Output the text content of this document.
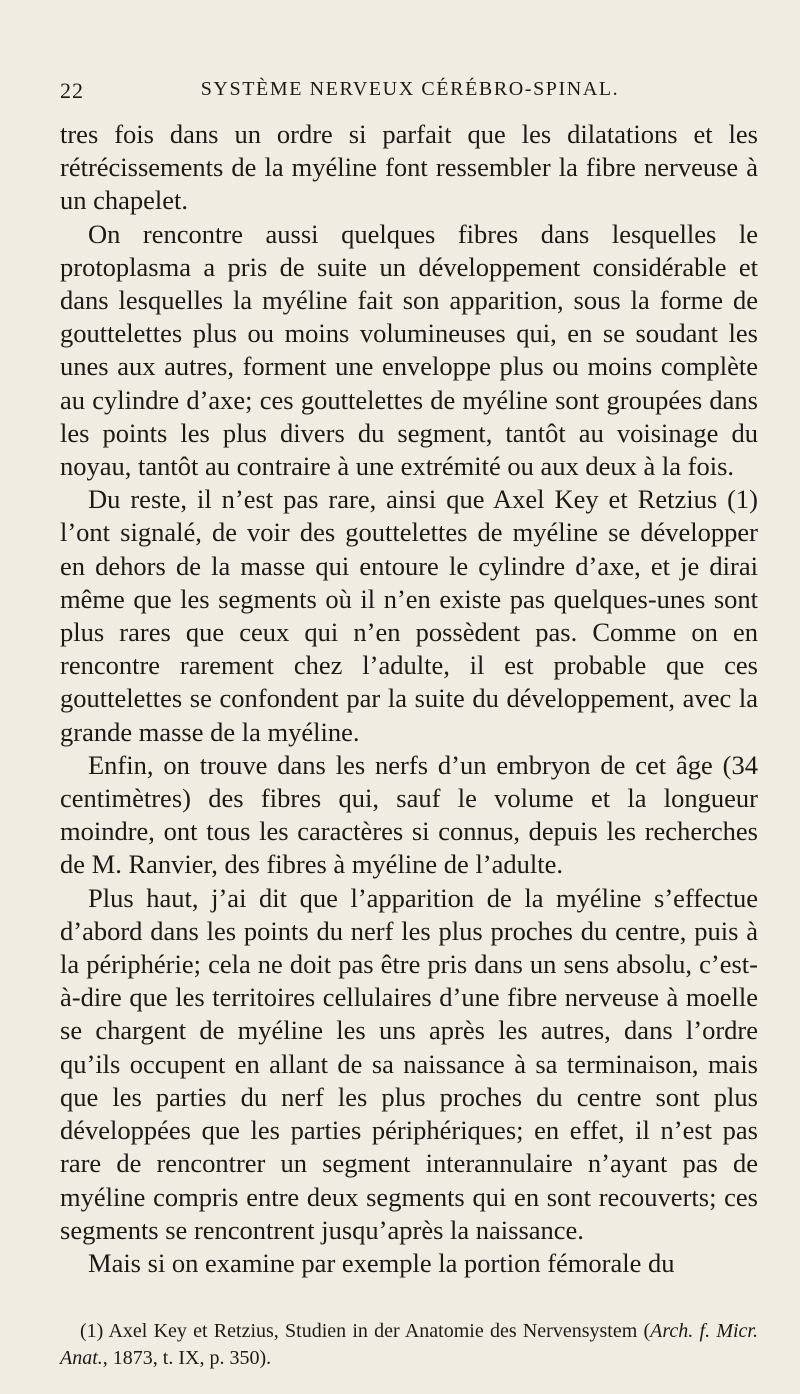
22	SYSTÈME NERVEUX CÉRÉBRO-SPINAL.

tres fois dans un ordre si parfait que les dilatations et les rétrécissements de la myéline font ressembler la fibre nerveuse à un chapelet.

On rencontre aussi quelques fibres dans lesquelles le protoplasma a pris de suite un développement considérable et dans lesquelles la myéline fait son apparition, sous la forme de gouttelettes plus ou moins volumineuses qui, en se soudant les unes aux autres, forment une enveloppe plus ou moins complète au cylindre d’axe; ces gouttelettes de myéline sont groupées dans les points les plus divers du segment, tantôt au voisinage du noyau, tantôt au contraire à une extrémité ou aux deux à la fois.

Du reste, il n’est pas rare, ainsi que Axel Key et Retzius (1) l’ont signalé, de voir des gouttelettes de myéline se développer en dehors de la masse qui entoure le cylindre d’axe, et je dirai même que les segments où il n’en existe pas quelques-unes sont plus rares que ceux qui n’en possèdent pas. Comme on en rencontre rarement chez l’adulte, il est probable que ces gouttelettes se confondent par la suite du développement, avec la grande masse de la myéline.

Enfin, on trouve dans les nerfs d’un embryon de cet âge (34 centimètres) des fibres qui, sauf le volume et la longueur moindre, ont tous les caractères si connus, depuis les recherches de M. Ranvier, des fibres à myéline de l’adulte.

Plus haut, j’ai dit que l’apparition de la myéline s’effectue d’abord dans les points du nerf les plus proches du centre, puis à la périphérie; cela ne doit pas être pris dans un sens absolu, c’est-à-dire que les territoires cellulaires d’une fibre nerveuse à moelle se chargent de myéline les uns après les autres, dans l’ordre qu’ils occupent en allant de sa naissance à sa terminaison, mais que les parties du nerf les plus proches du centre sont plus développées que les parties périphériques; en effet, il n’est pas rare de rencontrer un segment interannulaire n’ayant pas de myéline compris entre deux segments qui en sont recouverts; ces segments se rencontrent jusqu’après la naissance.

Mais si on examine par exemple la portion fémorale du

(1) Axel Key et Retzius, Studien in der Anatomie des Nervensystem (Arch. f. Micr. Anat., 1873, t. IX, p. 350).
